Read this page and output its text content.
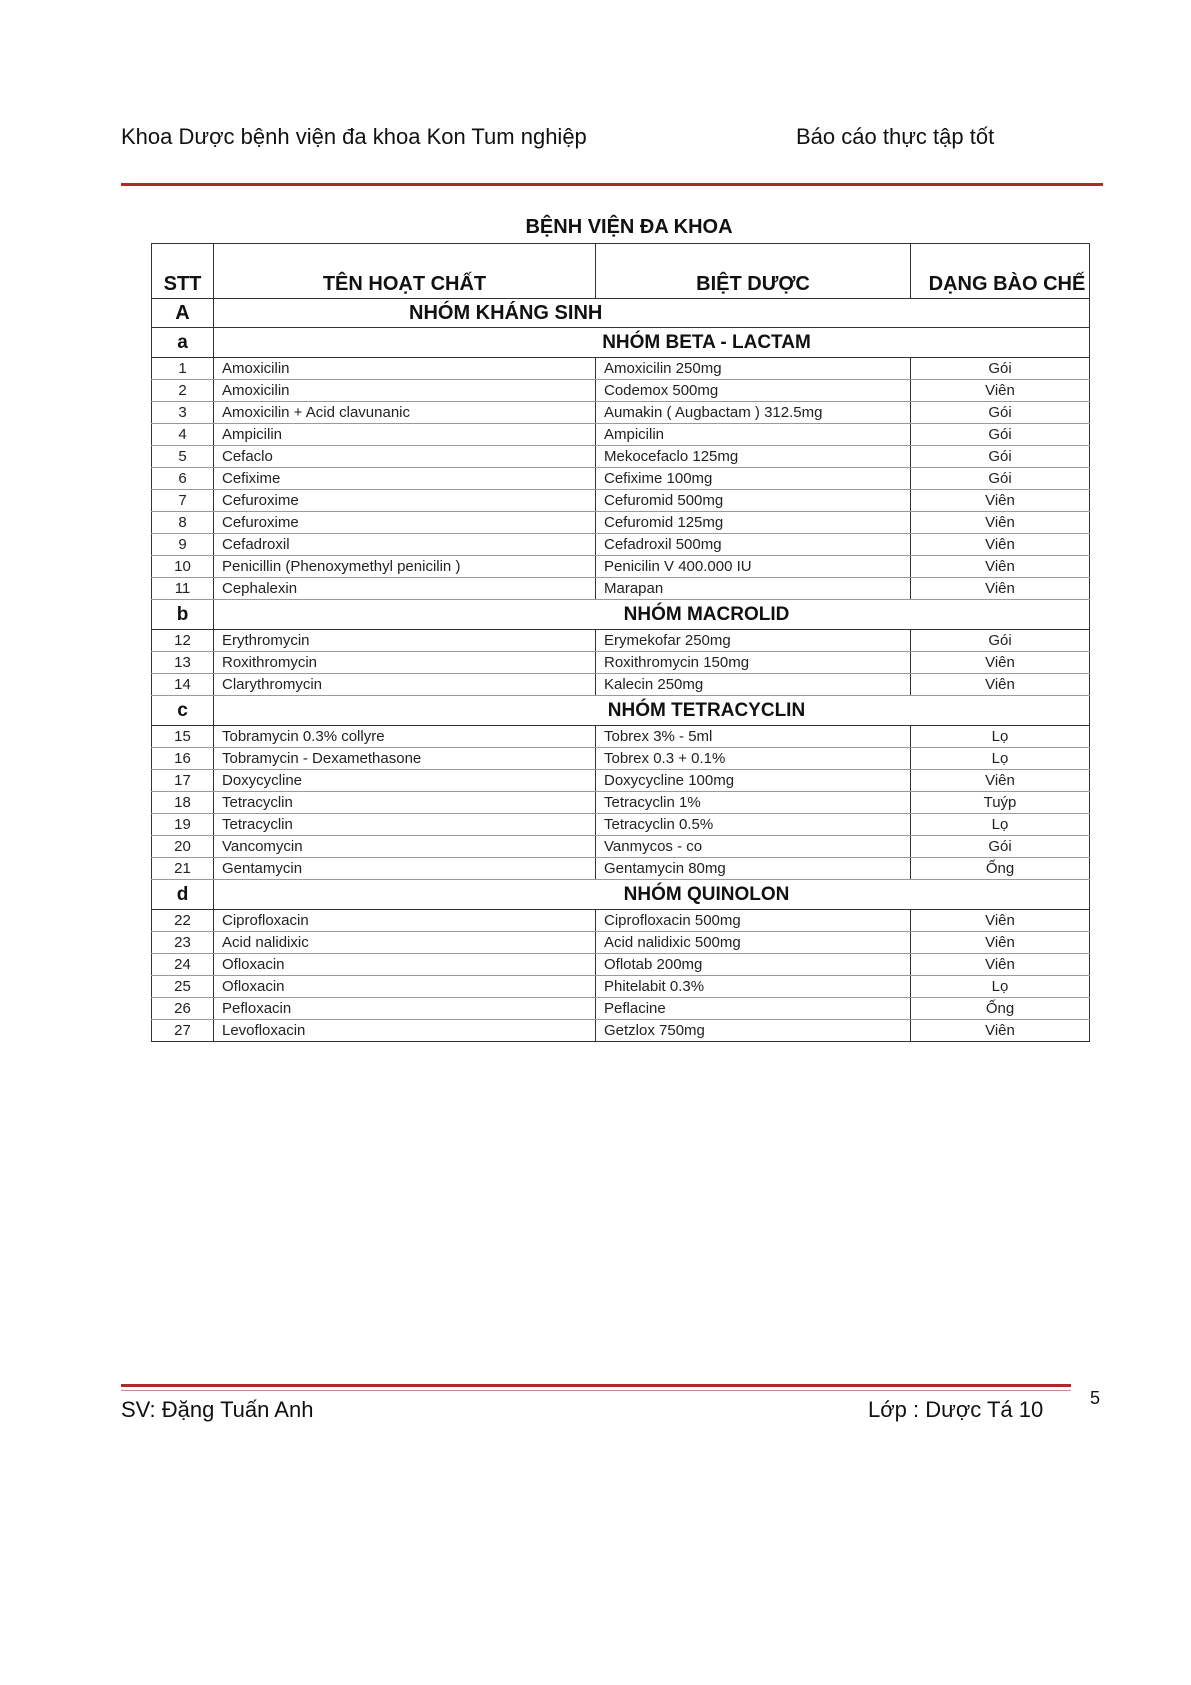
Khoa Dược bệnh viện đa khoa Kon Tum nghiệp	Báo cáo thực tập tốt
BỆNH VIỆN ĐA KHOA
STT	TÊN HOẠT CHẤT	BIỆT DƯỢC	DẠNG BÀO CHẾ
A	NHÓM KHÁNG SINH		
a	NHÓM BETA - LACTAM		
1	Amoxicilin	Amoxicilin 250mg	Gói
2	Amoxicilin	Codemox 500mg	Viên
3	Amoxicilin + Acid clavunanic	Aumakin ( Augbactam ) 312.5mg	Gói
4	Ampicilin	Ampicilin	Gói
5	Cefaclo	Mekocefaclo 125mg	Gói
6	Cefixime	Cefixime 100mg	Gói
7	Cefuroxime	Cefuromid 500mg	Viên
8	Cefuroxime	Cefuromid 125mg	Viên
9	Cefadroxil	Cefadroxil 500mg	Viên
10	Penicillin (Phenoxymethyl penicilin )	Penicilin V 400.000 IU	Viên
11	Cephalexin	Marapan	Viên
b	NHÓM MACROLID		
12	Erythromycin	Erymekofar 250mg	Gói
13	Roxithromycin	Roxithromycin 150mg	Viên
14	Clarythromycin	Kalecin 250mg	Viên
c	NHÓM TETRACYCLIN		
15	Tobramycin 0.3% collyre	Tobrex 3% - 5ml	Lọ
16	Tobramycin - Dexamethasone	Tobrex 0.3 + 0.1%	Lọ
17	Doxycycline	Doxycycline 100mg	Viên
18	Tetracyclin	Tetracyclin 1%	Tuýp
19	Tetracyclin	Tetracyclin 0.5%	Lọ
20	Vancomycin	Vanmycos - co	Gói
21	Gentamycin	Gentamycin 80mg	Ống
d	NHÓM QUINOLON		
22	Ciprofloxacin	Ciprofloxacin 500mg	Viên
23	Acid nalidixic	Acid nalidixic 500mg	Viên
24	Ofloxacin	Oflotab 200mg	Viên
25	Ofloxacin	Phitelabit 0.3%	Lọ
26	Pefloxacin	Peflacine	Ống
27	Levofloxacin	Getzlox 750mg	Viên
SV: Đặng Tuấn Anh	Lớp : Dược Tá 10	5
